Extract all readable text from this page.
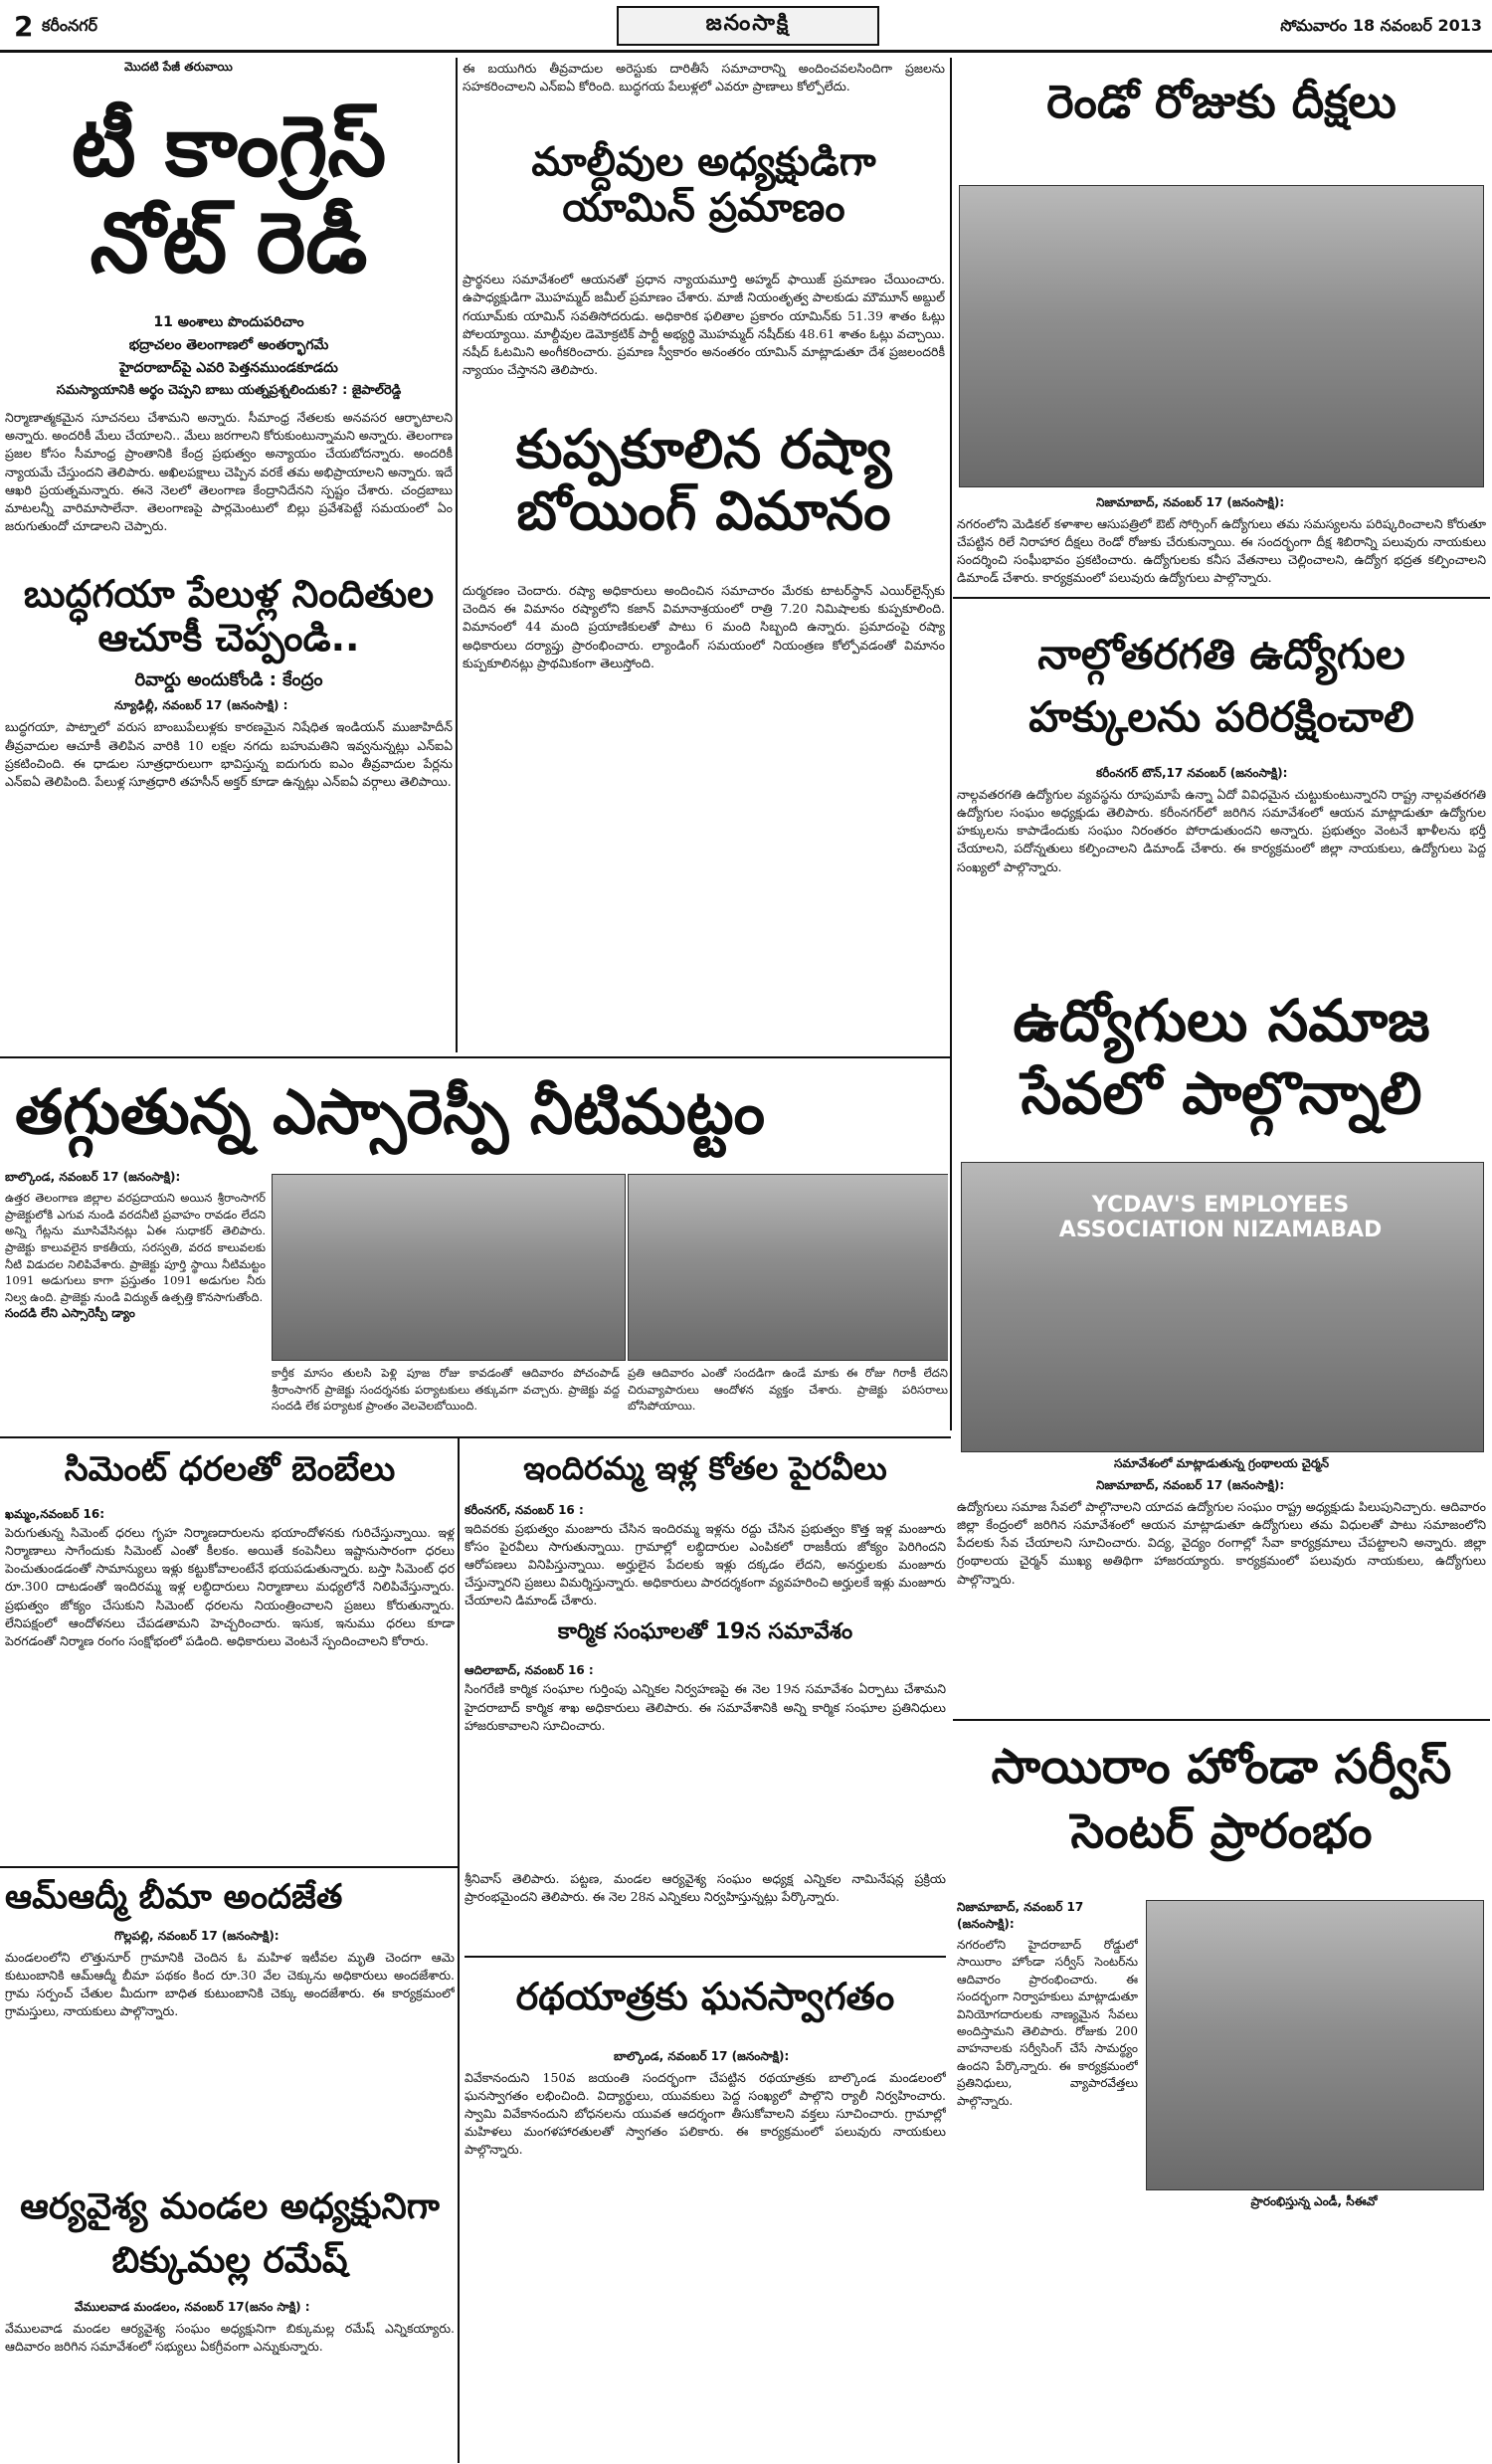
2 కరీంనగర్	జనంసాక్షి	సోమవారం 18 నవంబర్ 2013
మొదటి పేజీ తరువాయి
టీ కాంగ్రెస్ నోట్ రెడీ
11 అంశాలు పొందుపరిచాం
భద్రాచలం తెలంగాణలో అంతర్భాగమే
హైదరాబాద్‌పై ఎవరి పెత్తనముండకూడదు
సమస్యాయానికి అర్థం చెప్పని బాబు యత్నప్రశ్నలిందుకు? : జైపాల్‌రెడ్డి

నిర్మాణాత్మకమైన సూచనలు చేశామని అన్నారు. సీమాంధ్ర నేతలకు అనవసర ఆర్భాటాలని అన్నారు. అందరికీ మేలు చేయాలని.. మేలు జరగాలని కోరుకుంటున్నామని అన్నారు. తెలంగాణ ప్రజల కోసం సీమాంధ్ర ప్రాంతానికి కేంద్ర ప్రభుత్వం అన్యాయం చేయబోదన్నారు. అందరికీ న్యాయమే చేస్తుందని తెలిపారు. అఖిలపక్షాలు చెప్పిన వరకే తమ అభిప్రాయాలని అన్నారు. ఇదే ఆఖరి ప్రయత్నమన్నారు. ఈనె నెలలో తెలంగాణ కేంద్రానిదేనని స్పష్టం చేశారు. చంద్రబాబు మాటలన్నీ వారిమాసాలేనా. తెలంగాణపై పార్లమెంటులో బిల్లు ప్రవేశపెట్టే సమయంలో ఏం జరుగుతుందో చూడాలని చెప్పారు.

బుద్ధగయా పేలుళ్ల నిందితుల ఆచూకీ చెప్పండి..
రివార్డు అందుకోండి : కేంద్రం
న్యూఢిల్లీ, నవంబర్ 17 (జనంసాక్షి) :

బుద్ధగయా, పాట్నాలో వరుస బాంబుపేలుళ్లకు కారణమైన నిషేధిత ఇండియన్ ముజాహిదీన్ తీవ్రవాదుల ఆచూకీ తెలిపిన వారికి 10 లక్షల నగదు బహుమతిని ఇవ్వనున్నట్లు ఎన్ఐఏ ప్రకటించింది. ఈ ధాడుల సూత్రధారులుగా భావిస్తున్న ఐదుగురు ఐఎం తీవ్రవాదుల పేర్లను ఎన్ఐఏ తెలిపింది. పేలుళ్ల సూత్రధారి తహసీన్ అక్తర్ కూడా ఉన్నట్లు ఎన్ఐఏ వర్గాలు తెలిపాయి.

ఈ బయుగిరు తీవ్రవాదుల అరెస్టుకు దారితీసే సమాచారాన్ని అందించవలసిందిగా ప్రజలను సహకరించాలని ఎన్ఐఏ కోరింది. బుద్ధగయ పేలుళ్లలో ఎవరూ ప్రాణాలు కోల్పోలేదు.

మాల్దీవుల అధ్యక్షుడిగా యామిన్ ప్రమాణం

ప్రార్థనలు సమావేశంలో ఆయనతో ప్రధాన న్యాయమూర్తి అహ్మద్ ఫాయిజ్ ప్రమాణం చేయించారు. ఉపాధ్యక్షుడిగా మొహమ్మద్ జమీల్ ప్రమాణం చేశారు. మాజీ నియంతృత్వ పాలకుడు మౌమూన్ అబ్దుల్ గయూమ్‌కు యామిన్ సవతిసోదరుడు. అధికారిక ఫలితాల ప్రకారం యామిన్‌కు 51.39 శాతం ఓట్లు పోలయ్యాయి. మాల్దీవుల డెమోక్రటిక్ పార్టీ అభ్యర్థి మొహమ్మద్ నషీద్‌కు 48.61 శాతం ఓట్లు వచ్చాయి. నషీద్ ఓటమిని అంగీకరించారు. ప్రమాణ స్వీకారం అనంతరం యామిన్ మాట్లాడుతూ దేశ ప్రజలందరికీ న్యాయం చేస్తానని తెలిపారు.

కుప్పకూలిన రష్యా బోయింగ్ విమానం

దుర్మరణం చెందారు. రష్యా అధికారులు అందించిన సమాచారం మేరకు టాటర్‌స్థాన్ ఎయిర్‌లైన్స్‌కు చెందిన ఈ విమానం రష్యాలోని కజాన్ విమానాశ్రయంలో రాత్రి 7.20 నిమిషాలకు కుప్పకూలింది. విమానంలో 44 మంది ప్రయాణికులతో పాటు 6 మంది సిబ్బంది ఉన్నారు. ప్రమాదంపై రష్యా అధికారులు దర్యాప్తు ప్రారంభించారు. ల్యాండింగ్ సమయంలో నియంత్రణ కోల్పోవడంతో విమానం కుప్పకూలినట్లు ప్రాథమికంగా తెలుస్తోంది.

రెండో రోజుకు దీక్షలు
నిజామాబాద్, నవంబర్ 17 (జనంసాక్షి):

నగరంలోని మెడికల్ కళాశాల ఆసుపత్రిలో ఔట్ సోర్సింగ్ ఉద్యోగులు తమ సమస్యలను పరిష్కరించాలని కోరుతూ చేపట్టిన రిలే నిరాహార దీక్షలు రెండో రోజుకు చేరుకున్నాయి. ఈ సందర్భంగా దీక్ష శిబిరాన్ని పలువురు నాయకులు సందర్శించి సంఘీభావం ప్రకటించారు. ఉద్యోగులకు కనీస వేతనాలు చెల్లించాలని, ఉద్యోగ భద్రత కల్పించాలని డిమాండ్ చేశారు. కార్యక్రమంలో పలువురు ఉద్యోగులు పాల్గొన్నారు.

నాల్గోతరగతి ఉద్యోగుల హక్కులను పరిరక్షించాలి
కరీంనగర్ టౌన్,17 నవంబర్ (జనంసాక్షి):

నాల్గవతరగతి ఉద్యోగుల వ్యవస్థను రూపుమాపే ఉన్నా ఏదో వివిధమైన చుట్టుకుంటున్నారని రాష్ట్ర నాల్గవతరగతి ఉద్యోగుల సంఘం అధ్యక్షుడు తెలిపారు. కరీంనగర్‌లో జరిగిన సమావేశంలో ఆయన మాట్లాడుతూ ఉద్యోగుల హక్కులను కాపాడేందుకు సంఘం నిరంతరం పోరాడుతుందని అన్నారు. ప్రభుత్వం వెంటనే ఖాళీలను భర్తీ చేయాలని, పదోన్నతులు కల్పించాలని డిమాండ్ చేశారు. ఈ కార్యక్రమంలో జిల్లా నాయకులు, ఉద్యోగులు పెద్ద సంఖ్యలో పాల్గొన్నారు.

తగ్గుతున్న ఎస్సారెస్పీ నీటిమట్టం
బాల్కొండ, నవంబర్ 17 (జనంసాక్షి):

ఉత్తర తెలంగాణ జిల్లాల వరప్రదాయని అయిన శ్రీరాంసాగర్ ప్రాజెక్టులోకి ఎగువ నుండి వరదనీటి ప్రవాహం రావడం లేదని అన్ని గేట్లను మూసివేసినట్లు ఏఈ సుధాకర్ తెలిపారు. ప్రాజెక్టు కాలువలైన కాకతీయ, సరస్వతి, వరద కాలువలకు నీటి విడుదల నిలిపివేశారు. ప్రాజెక్టు పూర్తి స్థాయి నీటిమట్టం 1091 అడుగులు కాగా ప్రస్తుతం 1091 అడుగుల నీరు నిల్వ ఉంది. ప్రాజెక్టు నుండి విద్యుత్ ఉత్పత్తి కొనసాగుతోంది.

సందడి లేని ఎస్సారెస్పీ డ్యాం

కార్తీక మాసం తులసి పెళ్లి పూజ రోజు కావడంతో ఆదివారం పోచంపాడ్ శ్రీరాంసాగర్ ప్రాజెక్టు సందర్శనకు పర్యాటకులు తక్కువగా వచ్చారు. ప్రాజెక్టు వద్ద సందడి లేక పర్యాటక ప్రాంతం వెలవెలబోయింది.

ప్రతి ఆదివారం ఎంతో సందడిగా ఉండే మాకు ఈ రోజు గిరాకీ లేదని చిరువ్యాపారులు ఆందోళన వ్యక్తం చేశారు. ప్రాజెక్టు పరిసరాలు బోసిపోయాయి.

ఉద్యోగులు సమాజ సేవలో పాల్గొన్నాలి
YCDAV'S EMPLOYEES ASSOCIATION NIZAMABAD
సమావేశంలో మాట్లాడుతున్న గ్రంథాలయ చైర్మన్
నిజామాబాద్, నవంబర్ 17 (జనంసాక్షి):

ఉద్యోగులు సమాజ సేవలో పాల్గొనాలని యాదవ ఉద్యోగుల సంఘం రాష్ట్ర అధ్యక్షుడు పిలుపునిచ్చారు. ఆదివారం జిల్లా కేంద్రంలో జరిగిన సమావేశంలో ఆయన మాట్లాడుతూ ఉద్యోగులు తమ విధులతో పాటు సమాజంలోని పేదలకు సేవ చేయాలని సూచించారు. విద్య, వైద్యం రంగాల్లో సేవా కార్యక్రమాలు చేపట్టాలని అన్నారు. జిల్లా గ్రంథాలయ చైర్మన్ ముఖ్య అతిథిగా హాజరయ్యారు. కార్యక్రమంలో పలువురు నాయకులు, ఉద్యోగులు పాల్గొన్నారు.

సిమెంట్ ధరలతో బెంబేలు
ఖమ్మం,నవంబర్ 16:

పెరుగుతున్న సిమెంట్ ధరలు గృహ నిర్మాణదారులను భయాందోళనకు గురిచేస్తున్నాయి. ఇళ్ల నిర్మాణాలు సాగేందుకు సిమెంట్ ఎంతో కీలకం. అయితే కంపెనీలు ఇష్టానుసారంగా ధరలు పెంచుతుండడంతో సామాన్యులు ఇళ్లు కట్టుకోవాలంటేనే భయపడుతున్నారు. బస్తా సిమెంట్ ధర రూ.300 దాటడంతో ఇందిరమ్మ ఇళ్ల లబ్ధిదారులు నిర్మాణాలు మధ్యలోనే నిలిపివేస్తున్నారు. ప్రభుత్వం జోక్యం చేసుకుని సిమెంట్ ధరలను నియంత్రించాలని ప్రజలు కోరుతున్నారు. లేనిపక్షంలో ఆందోళనలు చేపడతామని హెచ్చరించారు. ఇసుక, ఇనుము ధరలు కూడా పెరగడంతో నిర్మాణ రంగం సంక్షోభంలో పడింది. అధికారులు వెంటనే స్పందించాలని కోరారు.

ఇందిరమ్మ ఇళ్ల కోతల పైరవీలు
కరీంనగర్, నవంబర్ 16 :

ఇదివరకు ప్రభుత్వం మంజూరు చేసిన ఇందిరమ్మ ఇళ్లను రద్దు చేసిన ప్రభుత్వం కొత్త ఇళ్ల మంజూరు కోసం పైరవీలు సాగుతున్నాయి. గ్రామాల్లో లబ్ధిదారుల ఎంపికలో రాజకీయ జోక్యం పెరిగిందని ఆరోపణలు వినిపిస్తున్నాయి. అర్హులైన పేదలకు ఇళ్లు దక్కడం లేదని, అనర్హులకు మంజూరు చేస్తున్నారని ప్రజలు విమర్శిస్తున్నారు. అధికారులు పారదర్శకంగా వ్యవహరించి అర్హులకే ఇళ్లు మంజూరు చేయాలని డిమాండ్ చేశారు.

కార్మిక సంఘాలతో 19న సమావేశం
ఆదిలాబాద్, నవంబర్ 16 :

సింగరేణి కార్మిక సంఘాల గుర్తింపు ఎన్నికల నిర్వహణపై ఈ నెల 19న సమావేశం ఏర్పాటు చేశామని హైదరాబాద్ కార్మిక శాఖ అధికారులు తెలిపారు. ఈ సమావేశానికి అన్ని కార్మిక సంఘాల ప్రతినిధులు హాజరుకావాలని సూచించారు.

ఆమ్ఆద్మీ బీమా అందజేత
గొల్లపల్లి, నవంబర్ 17 (జనంసాక్షి):

మండలంలోని లొత్తునూర్ గ్రామానికి చెందిన ఓ మహిళ ఇటీవల మృతి చెందగా ఆమె కుటుంబానికి ఆమ్ఆద్మీ బీమా పథకం కింద రూ.30 వేల చెక్కును అధికారులు అందజేశారు. గ్రామ సర్పంచ్ చేతుల మీదుగా బాధిత కుటుంబానికి చెక్కు అందజేశారు. ఈ కార్యక్రమంలో గ్రామస్తులు, నాయకులు పాల్గొన్నారు.

ఆర్యవైశ్య మండల అధ్యక్షునిగా బిక్కుమల్ల రమేష్
వేములవాడ మండలం, నవంబర్ 17(జనం సాక్షి) :

వేములవాడ మండల ఆర్యవైశ్య సంఘం అధ్యక్షునిగా బిక్కుమల్ల రమేష్ ఎన్నికయ్యారు. ఆదివారం జరిగిన సమావేశంలో సభ్యులు ఏకగ్రీవంగా ఎన్నుకున్నారు.

శ్రీనివాస్ తెలిపారు. పట్టణ, మండల ఆర్యవైశ్య సంఘం అధ్యక్ష ఎన్నికల నామినేషన్ల ప్రక్రియ ప్రారంభమైందని తెలిపారు. ఈ నెల 28న ఎన్నికలు నిర్వహిస్తున్నట్లు పేర్కొన్నారు.

రథయాత్రకు ఘనస్వాగతం
బాల్కొండ, నవంబర్ 17 (జనంసాక్షి):

వివేకానందుని 150వ జయంతి సందర్భంగా చేపట్టిన రథయాత్రకు బాల్కొండ మండలంలో ఘనస్వాగతం లభించింది. విద్యార్థులు, యువకులు పెద్ద సంఖ్యలో పాల్గొని ర్యాలీ నిర్వహించారు. స్వామి వివేకానందుని బోధనలను యువత ఆదర్శంగా తీసుకోవాలని వక్తలు సూచించారు. గ్రామాల్లో మహిళలు మంగళహారతులతో స్వాగతం పలికారు. ఈ కార్యక్రమంలో పలువురు నాయకులు పాల్గొన్నారు.

సాయిరాం హోండా సర్వీస్ సెంటర్ ప్రారంభం
నిజామాబాద్, నవంబర్ 17 (జనంసాక్షి):

నగరంలోని హైదరాబాద్ రోడ్డులో సాయిరాం హోండా సర్వీస్ సెంటర్‌ను ఆదివారం ప్రారంభించారు. ఈ సందర్భంగా నిర్వాహకులు మాట్లాడుతూ వినియోగదారులకు నాణ్యమైన సేవలు అందిస్తామని తెలిపారు. రోజుకు 200 వాహనాలకు సర్వీసింగ్ చేసే సామర్థ్యం ఉందని పేర్కొన్నారు. ఈ కార్యక్రమంలో ప్రతినిధులు, వ్యాపారవేత్తలు పాల్గొన్నారు.

ప్రారంభిస్తున్న ఎండీ, సీఈవో
